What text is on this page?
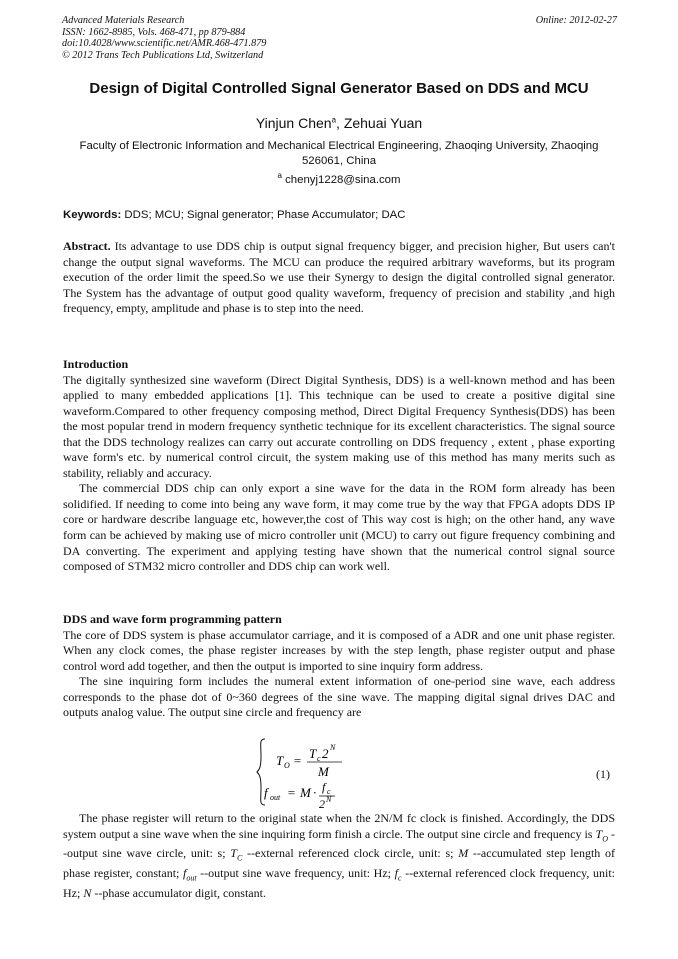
Advanced Materials Research
ISSN: 1662-8985, Vols. 468-471, pp 879-884
doi:10.4028/www.scientific.net/AMR.468-471.879
© 2012 Trans Tech Publications Ltd, Switzerland
Online: 2012-02-27
Design of Digital Controlled Signal Generator Based on DDS and MCU
Yinjun Chen$^a$, Zehuai Yuan
Faculty of Electronic Information and Mechanical Electrical Engineering, Zhaoqing University, Zhaoqing 526061, China
$^a$ chenyj1228@sina.com
Keywords: DDS; MCU; Signal generator; Phase Accumulator; DAC

Abstract. Its advantage to use DDS chip is output signal frequency bigger, and precision higher, But users can't change the output signal waveforms. The MCU can produce the required arbitrary waveforms, but its program execution of the order limit the speed.So we use their Synergy to design the digital controlled signal generator. The System has the advantage of output good quality waveform, frequency of precision and stability ,and high frequency, empty, amplitude and phase is to step into the need.

Introduction

The digitally synthesized sine waveform (Direct Digital Synthesis, DDS) is a well-known method and has been applied to many embedded applications [1]. This technique can be used to create a positive digital sine waveform.Compared to other frequency composing method, Direct Digital Frequency Synthesis(DDS) has been the most popular trend in modern frequency synthetic technique for its excellent characteristics. The signal source that the DDS technology realizes can carry out accurate controlling on DDS frequency , extent , phase exporting wave form's etc. by numerical control circuit, the system making use of this method has many merits such as stability, reliably and accuracy.

The commercial DDS chip can only export a sine wave for the data in the ROM form already has been solidified. If needing to come into being any wave form, it may come true by the way that FPGA adopts DDS IP core or hardware describe language etc, however,the cost of This way cost is high; on the other hand, any wave form can be achieved by making use of micro controller unit (MCU) to carry out figure frequency combining and DA converting. The experiment and applying testing have shown that the numerical control signal source composed of STM32 micro controller and DDS chip can work well.

DDS and wave form programming pattern

The core of DDS system is phase accumulator carriage, and it is composed of a ADR and one unit phase register. When any clock comes, the phase register increases by with the step length, phase register output and phase control word add together, and then the output is imported to sine inquiry form address.

The sine inquiring form includes the numeral extent information of one-period sine wave, each address corresponds to the phase dot of 0~360 degrees of the sine wave. The mapping digital signal drives DAC and outputs analog value. The output sine circle and frequency are

T O = T c 2 N
M
f out = M · f c
2 N
(1)

The phase register will return to the original state when the 2N/M fc clock is finished. Accordingly, the DDS system output a sine wave when the sine inquiring form finish a circle. The output sine circle and frequency is $T_O$ --output sine wave circle, unit: s; $T_C$ --external referenced clock circle, unit: s; M --accumulated step length of phase register, constant; $f_{out}$ --output sine wave frequency, unit: Hz; $f_c$ --external referenced clock frequency, unit: Hz; N --phase accumulator digit, constant.
